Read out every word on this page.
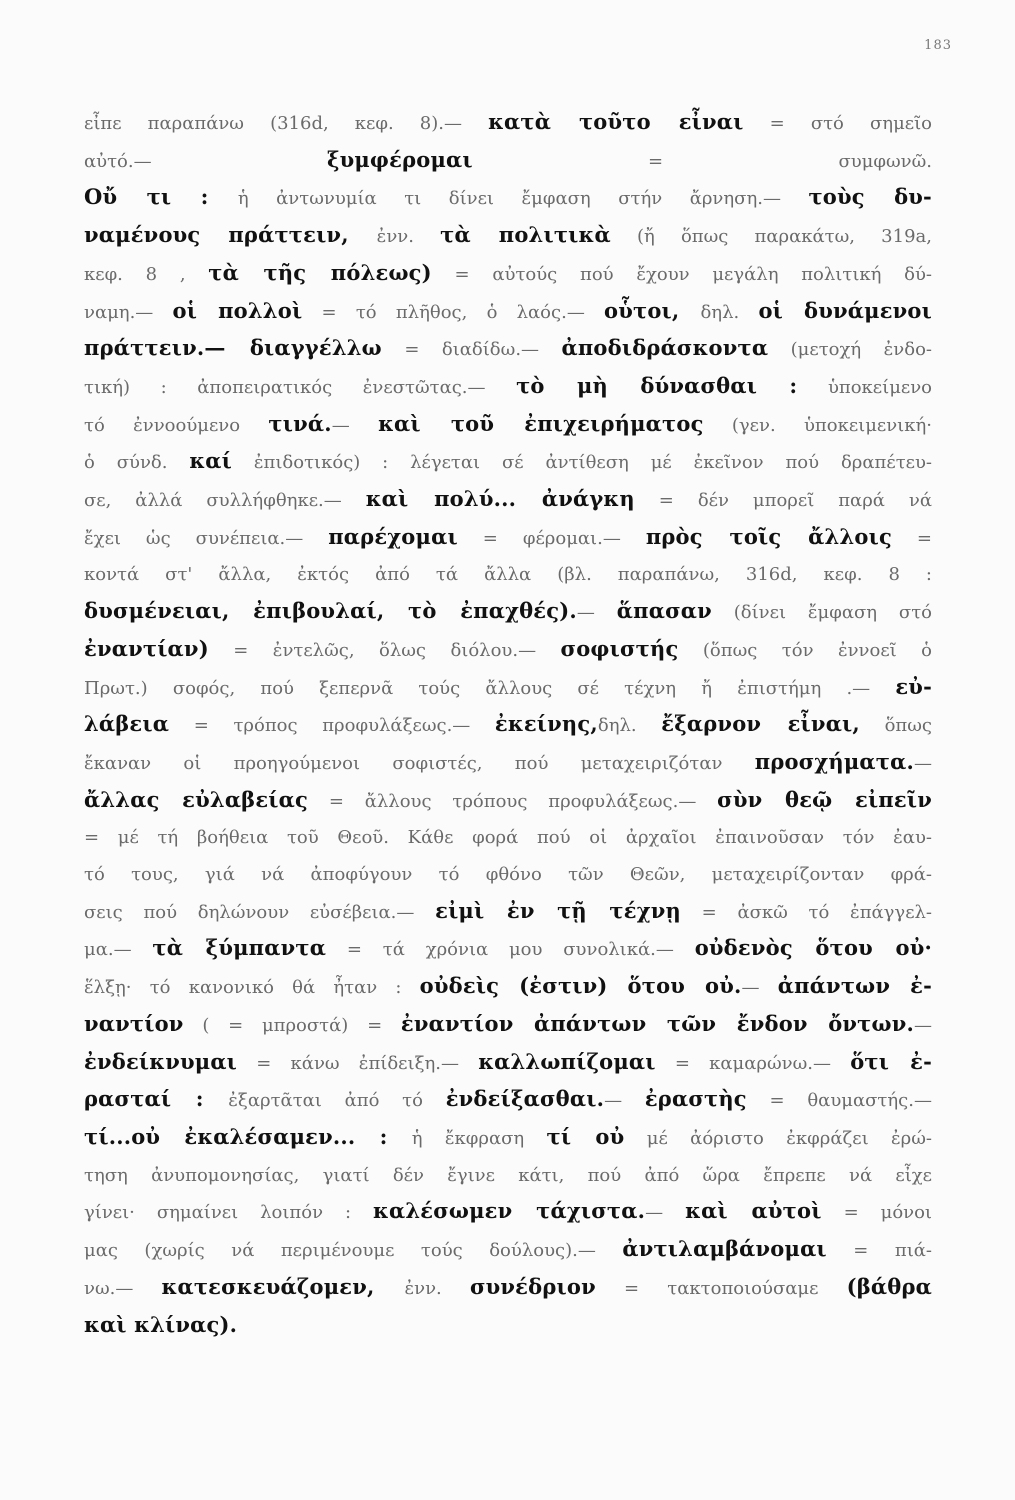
183
εἶπε παραπάνω (316d, κεφ. 8).— κατὰ τοῦτο εἶναι = στό σημεῖο
αὐτό.— ξυμφέρομαι = συμφωνῶ.
Οὔ τι : ἡ ἀντωνυμία τι δίνει ἔμφαση στήν ἄρνηση.— τοὺς δυ-
ναμένους πράττειν, ἐνν. τὰ πολιτικὰ (ἤ ὅπως παρακάτω, 319a,
κεφ. 8 , τὰ τῆς πόλεως) = αὐτούς πού ἔχουν μεγάλη πολιτική δύ-
ναμη.— οἱ πολλοὶ = τό πλῆθος, ὁ λαός.— οὗτοι, δηλ. οἱ δυνάμενοι
πράττειν.— διαγγέλλω = διαδίδω.— ἀποδιδράσκοντα (μετοχή ἐνδο-
τική) : ἀποπειρατικός ἐνεστῶτας.— τὸ μὴ δύνασθαι : ὑποκείμενο
τό ἐννοούμενο τινά.— καὶ τοῦ ἐπιχειρήματος (γεν. ὑποκειμενική·
ὁ σύνδ. καί ἐπιδοτικός) : λέγεται σέ ἀντίθεση μέ ἐκεῖνον πού δραπέτευ-
σε, ἀλλά συλλήφθηκε.— καὶ πολύ... ἀνάγκη = δέν μπορεῖ παρά νά
ἔχει ὡς συνέπεια.— παρέχομαι = φέρομαι.— πρὸς τοῖς ἄλλοις =
κοντά στ' ἄλλα, ἐκτός ἀπό τά ἄλλα (βλ. παραπάνω, 316d, κεφ. 8 :
δυσμένειαι, ἐπιβουλαί, τὸ ἐπαχθές).— ἅπασαν (δίνει ἔμφαση στό
ἐναντίαν) = ἐντελῶς, ὅλως διόλου.— σοφιστής (ὅπως τόν ἐννοεῖ ὁ
Πρωτ.) σοφός, πού ξεπερνᾶ τούς ἄλλους σέ τέχνη ἤ ἐπιστήμη .— εὐ-
λάβεια = τρόπος προφυλάξεως.— ἐκείνης,δηλ. ἔξαρνον εἶναι, ὅπως
ἔκαναν οἱ προηγούμενοι σοφιστές, πού μεταχειριζόταν προσχήματα.—
ἄλλας εὐλαβείας = ἄλλους τρόπους προφυλάξεως.— σὺν θεῷ εἰπεῖν
= μέ τή βοήθεια τοῦ Θεοῦ. Κάθε φορά πού οἱ ἀρχαῖοι ἐπαινοῦσαν τόν ἐαυ-
τό τους, γιά νά ἀποφύγουν τό φθόνο τῶν Θεῶν, μεταχειρίζονταν φρά-
σεις πού δηλώνουν εὐσέβεια.— εἰμὶ ἐν τῇ τέχνῃ = ἀσκῶ τό ἐπάγγελ-
μα.— τὰ ξύμπαντα = τά χρόνια μου συνολικά.— οὐδενὸς ὅτου οὐ·
ἕλξῃ· τό κανονικό θά ἦταν : οὐδεὶς (ἐστιν) ὅτου οὐ.— ἀπάντων ἐ-
ναντίον ( = μπροστά) = ἐναντίον ἀπάντων τῶν ἔνδον ὄντων.—
ἐνδείκνυμαι = κάνω ἐπίδειξη.— καλλωπίζομαι = καμαρώνω.— ὅτι ἐ-
ρασταί : ἐξαρτᾶται ἀπό τό ἐνδείξασθαι.— ἐραστὴς = θαυμαστής.—
τί...οὐ ἐκαλέσαμεν... : ἡ ἔκφραση τί οὐ μέ ἀόριστο ἐκφράζει ἐρώ-
τηση ἀνυπομονησίας, γιατί δέν ἔγινε κάτι, πού ἀπό ὥρα ἔπρεπε νά εἶχε
γίνει· σημαίνει λοιπόν : καλέσωμεν τάχιστα.— καὶ αὐτοὶ = μόνοι
μας (χωρίς νά περιμένουμε τούς δούλους).— ἀντιλαμβάνομαι = πιά-
νω.— κατεσκευάζομεν, ἐνν. συνέδριον = τακτοποιούσαμε (βάθρα
καὶ κλίνας).
